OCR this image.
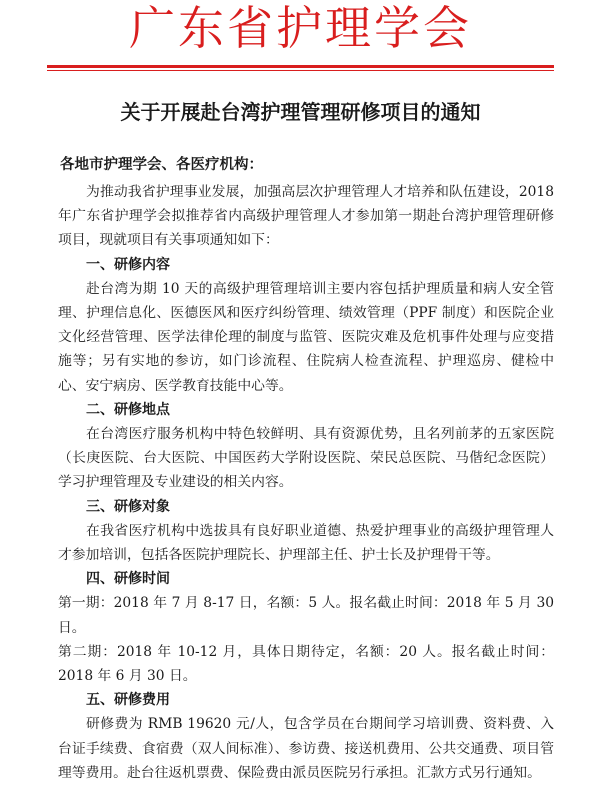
广东省护理学会
关于开展赴台湾护理管理研修项目的通知
各地市护理学会、各医疗机构：

为推动我省护理事业发展，加强高层次护理管理人才培养和队伍建设，2018 年广东省护理学会拟推荐省内高级护理管理人才参加第一期赴台湾护理管理研修项目，现就项目有关事项通知如下：

一、研修内容

赴台湾为期 10 天的高级护理管理培训主要内容包括护理质量和病人安全管理、护理信息化、医德医风和医疗纠纷管理、绩效管理（PPF 制度）和医院企业文化经营管理、医学法律伦理的制度与监管、医院灾难及危机事件处理与应变措施等；另有实地的参访，如门诊流程、住院病人检查流程、护理巡房、健检中心、安宁病房、医学教育技能中心等。

二、研修地点

在台湾医疗服务机构中特色较鲜明、具有资源优势，且名列前茅的五家医院（长庚医院、台大医院、中国医药大学附设医院、荣民总医院、马偕纪念医院）学习护理管理及专业建设的相关内容。

三、研修对象

在我省医疗机构中选拔具有良好职业道德、热爱护理事业的高级护理管理人才参加培训，包括各医院护理院长、护理部主任、护士长及护理骨干等。

四、研修时间

第一期：2018 年 7 月 8-17 日，名额：5 人。报名截止时间：2018 年 5 月 30 日。

第二期：2018 年 10-12 月，具体日期待定，名额：20 人。报名截止时间：2018 年 6 月 30 日。

五、研修费用

研修费为 RMB 19620 元/人，包含学员在台期间学习培训费、资料费、入台证手续费、食宿费（双人间标准）、参访费、接送机费用、公共交通费、项目管理等费用。赴台往返机票费、保险费由派员医院另行承担。汇款方式另行通知。
